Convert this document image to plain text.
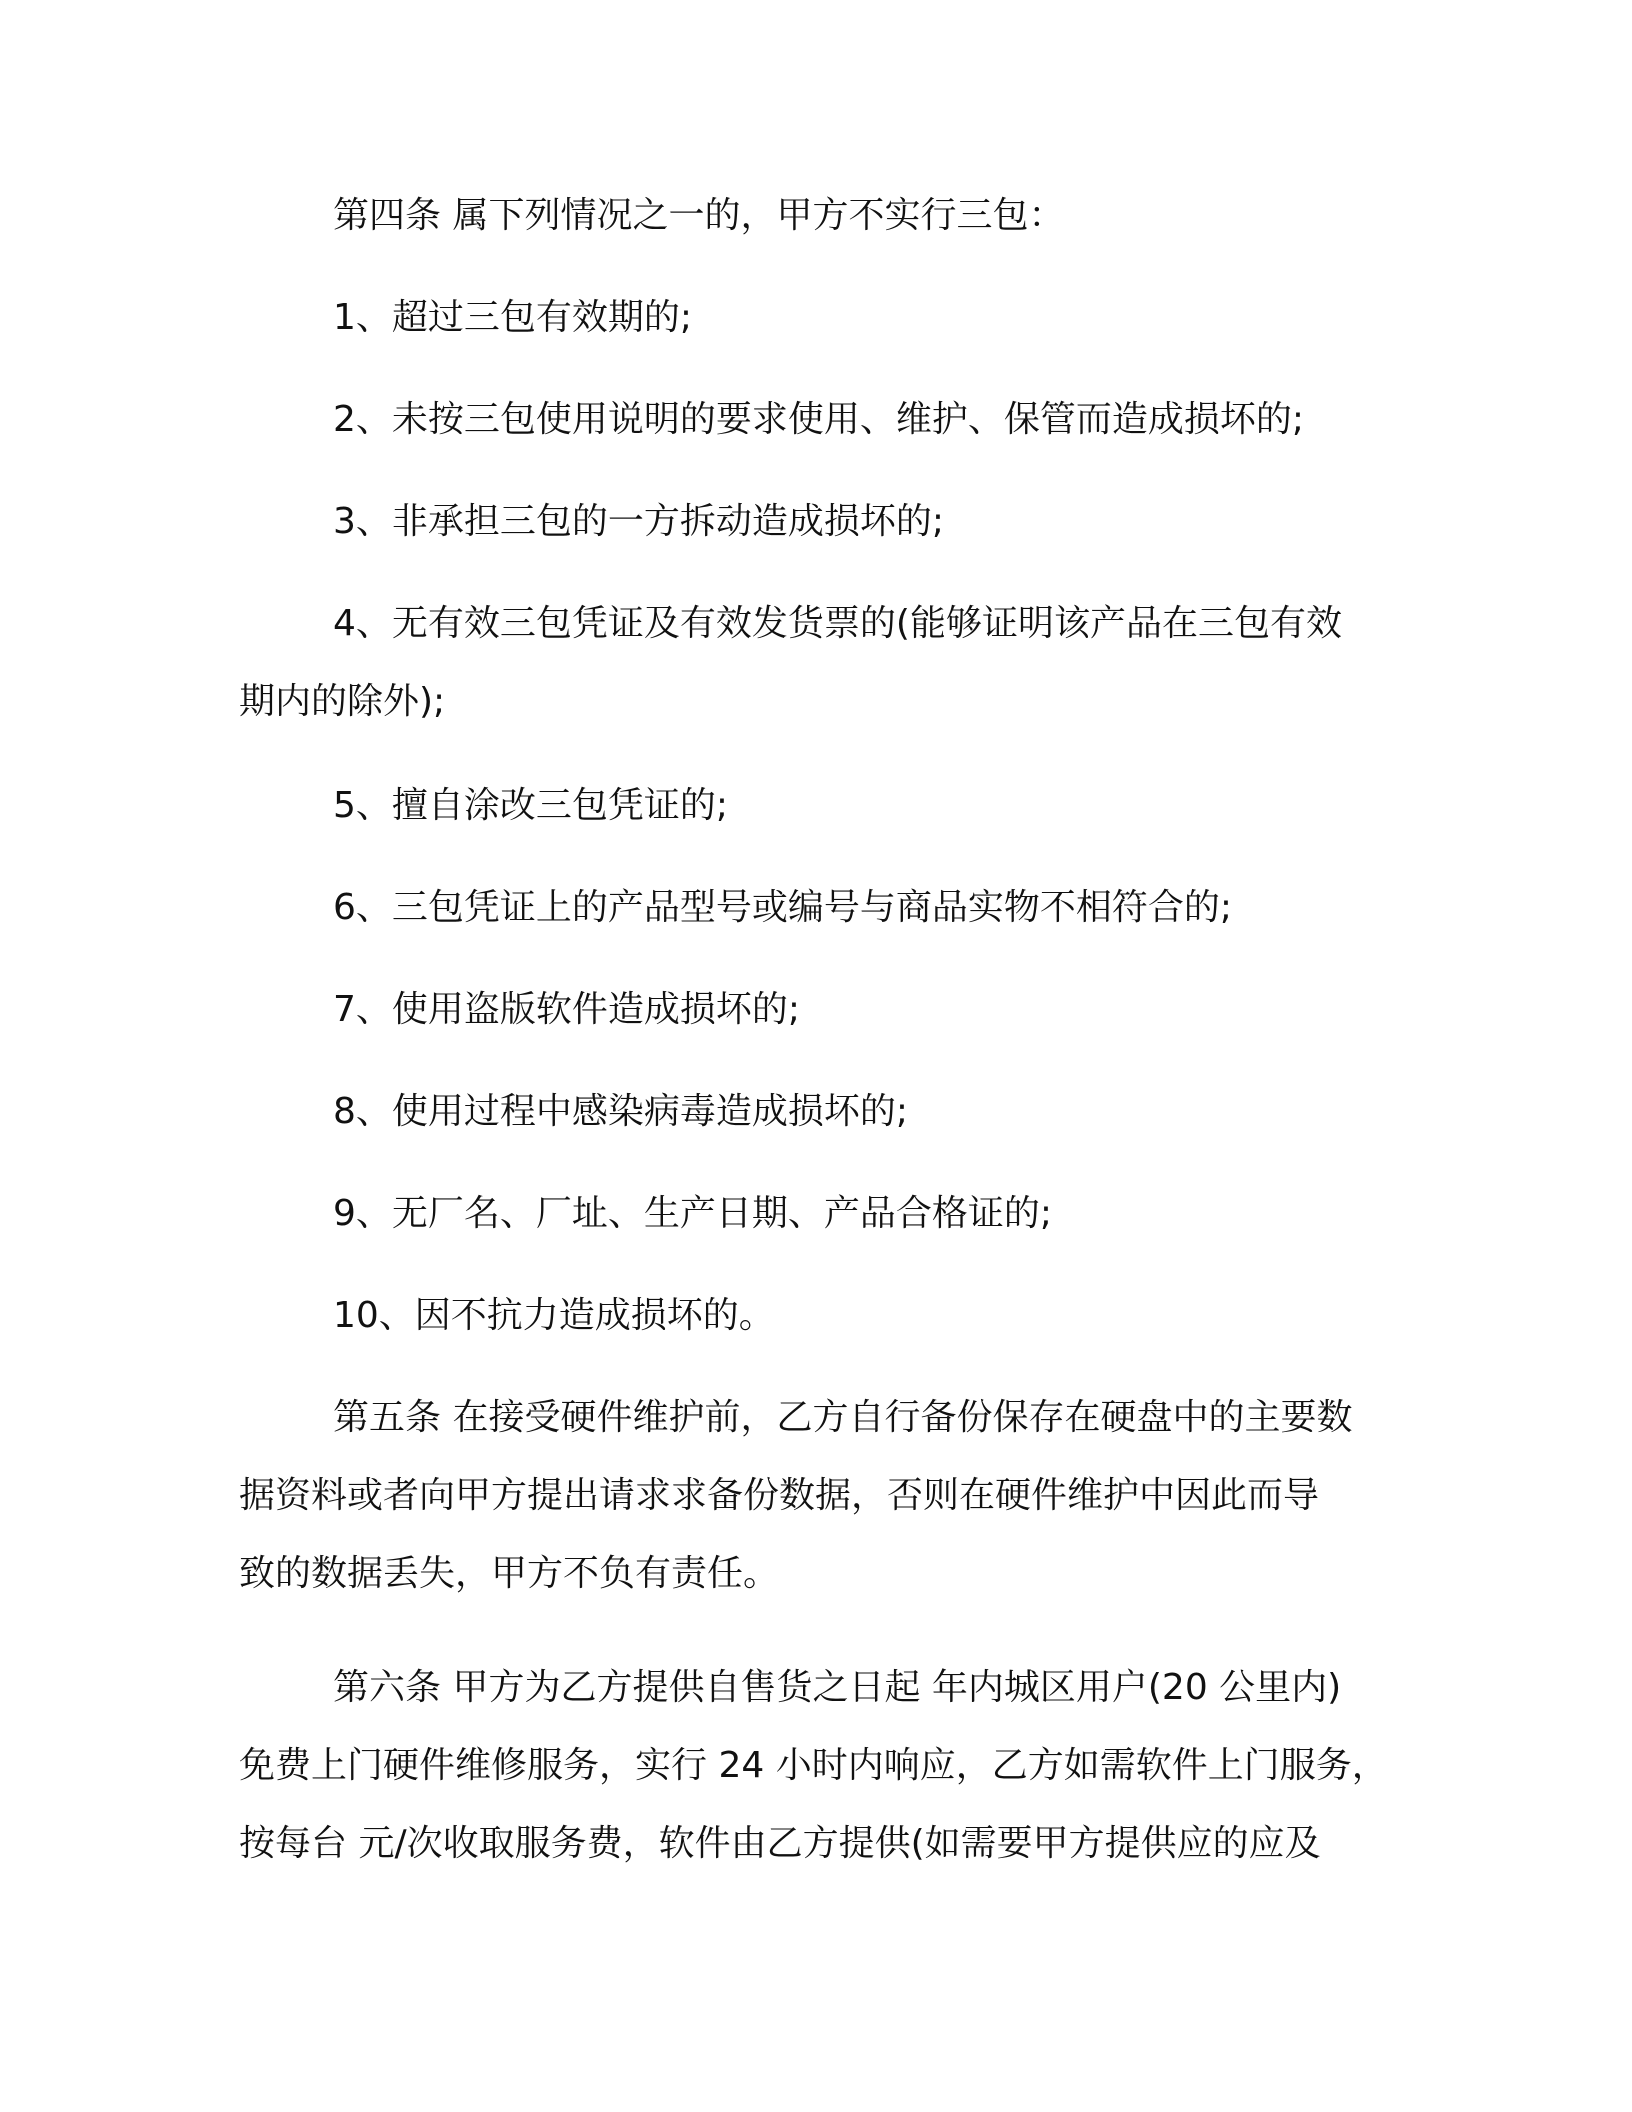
第四条 属下列情况之一的，甲方不实行三包：

1、超过三包有效期的;

2、未按三包使用说明的要求使用、维护、保管而造成损坏的;

3、非承担三包的一方拆动造成损坏的;

4、无有效三包凭证及有效发货票的(能够证明该产品在三包有效

期内的除外);

5、擅自涂改三包凭证的;

6、三包凭证上的产品型号或编号与商品实物不相符合的;

7、使用盗版软件造成损坏的;

8、使用过程中感染病毒造成损坏的;

9、无厂名、厂址、生产日期、产品合格证的;

10、因不抗力造成损坏的。

第五条 在接受硬件维护前，乙方自行备份保存在硬盘中的主要数

据资料或者向甲方提出请求求备份数据，否则在硬件维护中因此而导

致的数据丢失，甲方不负有责任。

第六条 甲方为乙方提供自售货之日起 年内城区用户(20 公里内)

免费上门硬件维修服务，实行 24 小时内响应，乙方如需软件上门服务，

按每台 元/次收取服务费，软件由乙方提供(如需要甲方提供应的应及
